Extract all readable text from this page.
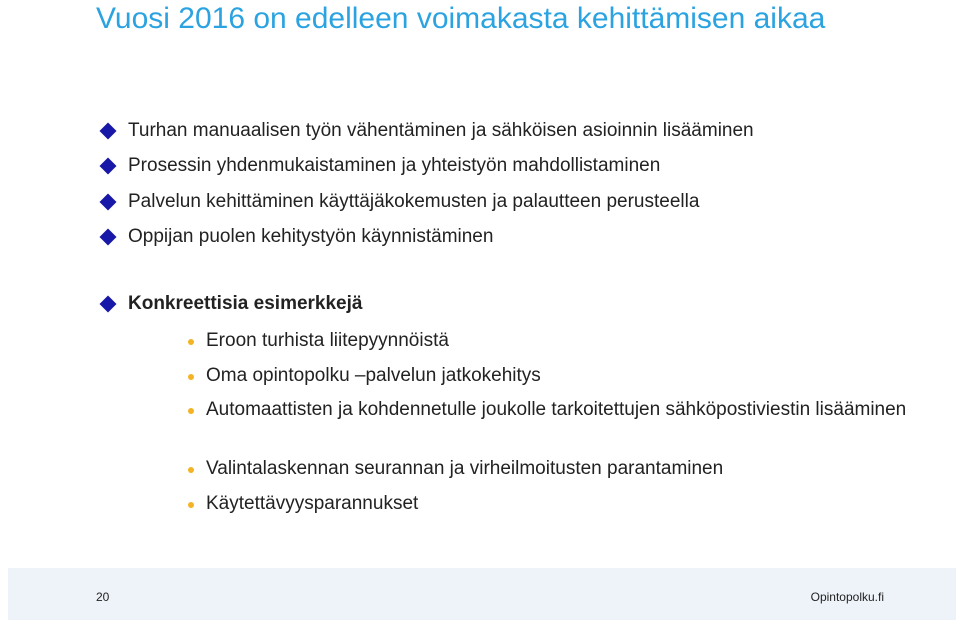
Vuosi 2016 on edelleen voimakasta kehittämisen aikaa
Turhan manuaalisen työn vähentäminen ja sähköisen asioinnin lisääminen
Prosessin yhdenmukaistaminen ja yhteistyön mahdollistaminen
Palvelun kehittäminen käyttäjäkokemusten ja palautteen perusteella
Oppijan puolen kehitystyön käynnistäminen
Konkreettisia esimerkkejä
Eroon turhista liitepyynnöistä
Oma opintopolku –palvelun jatkokehitys
Automaattisten ja kohdennetulle joukolle tarkoitettujen sähköpostiviestin lisääminen
Valintalaskennan seurannan ja virheilmoitusten parantaminen
Käytettävyysparannukset
20	Opintopolku.fi
